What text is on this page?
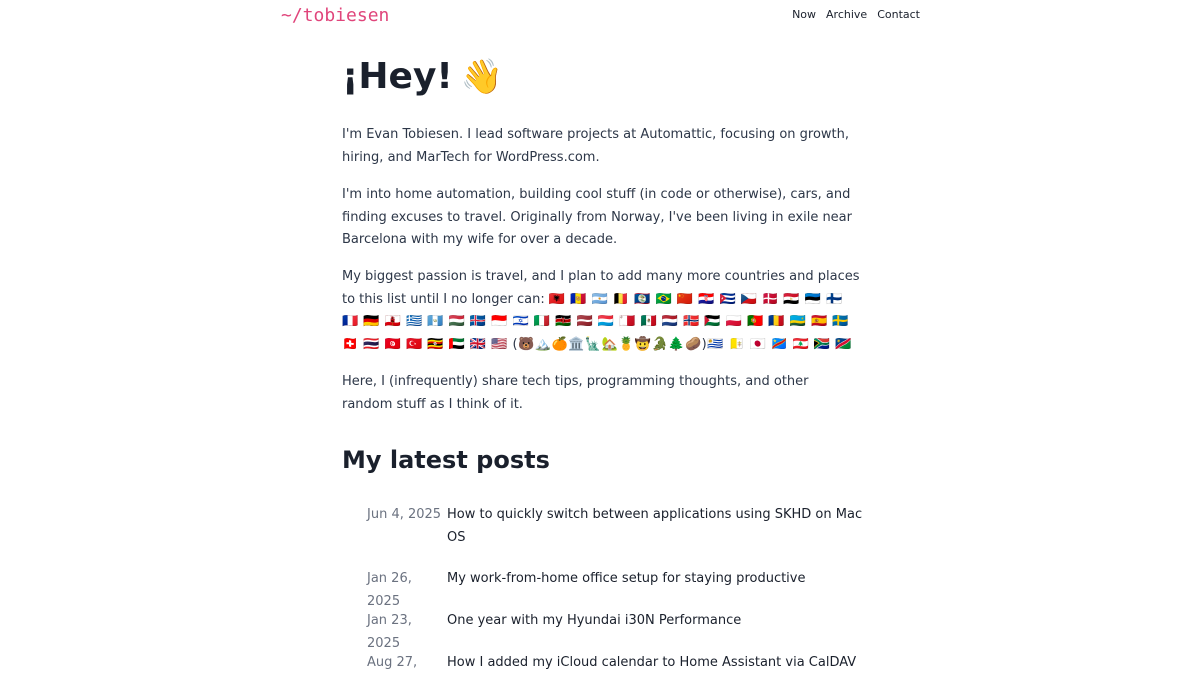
~/tobiesen	Now Archive Contact
¡Hey! 👋

I'm Evan Tobiesen. I lead software projects at Automattic, focusing on growth, hiring, and MarTech for WordPress.com.

I'm into home automation, building cool stuff (in code or otherwise), cars, and finding excuses to travel. Originally from Norway, I've been living in exile near Barcelona with my wife for over a decade.

My biggest passion is travel, and I plan to add many more countries and places to this list until I no longer can: 🇦🇱 🇦🇩 🇦🇷 🇧🇪 🇧🇿 🇧🇷 🇨🇳 🇭🇷 🇨🇺 🇨🇿 🇩🇰 🇪🇬 🇪🇪 🇫🇮 🇫🇷 🇩🇪 🇬🇮 🇬🇷 🇬🇹 🇭🇺 🇮🇸 🇮🇩 🇮🇱 🇮🇹 🇰🇪 🇱🇻 🇱🇺 🇲🇹 🇲🇽 🇳🇱 🇳🇴 🇵🇸 🇵🇱 🇵🇹 🇷🇴 🇷🇼 🇪🇸 🇸🇪 🇨🇭 🇹🇭 🇹🇳 🇹🇷 🇺🇬 🇦🇪 🇬🇧 🇺🇸 (🐻🏔️🍊🏛️🗽🏡🍍🤠🐊🌲🥔)🇺🇾 🇻🇦 🇯🇵 🇨🇩 🇱🇧 🇿🇦 🇳🇦

Here, I (infrequently) share tech tips, programming thoughts, and other random stuff as I think of it.

My latest posts
Jun 4, 2025 How to quickly switch between applications using SKHD on Mac OS
Jan 26, 2025
My work-from-home office setup for staying productive
Jan 23, 2025
One year with my Hyundai i30N Performance
Aug 27,	How I added my iCloud calendar to Home Assistant via CalDAV
